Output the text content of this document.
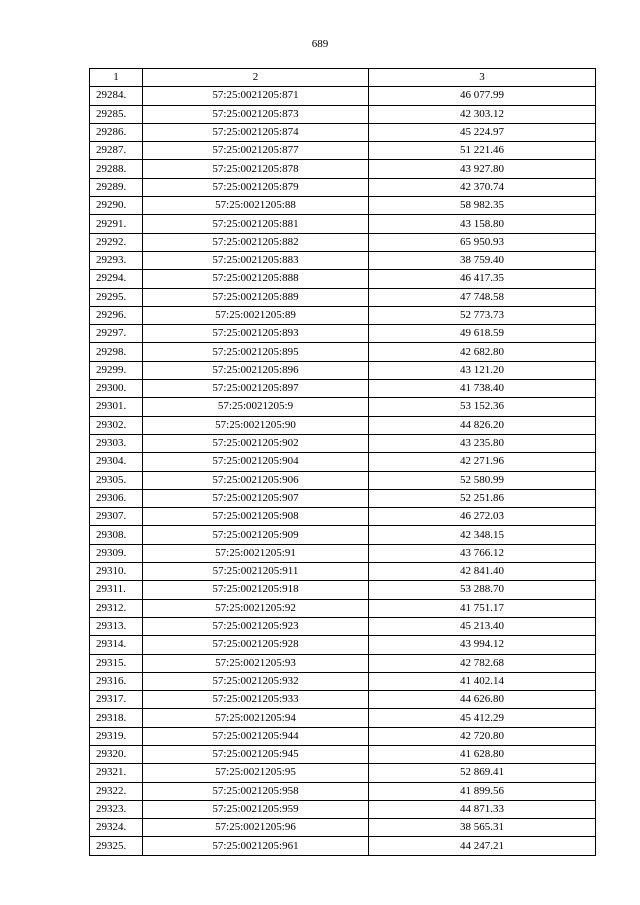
689
1	2	3
29284.	57:25:0021205:871	46 077.99
29285.	57:25:0021205:873	42 303.12
29286.	57:25:0021205:874	45 224.97
29287.	57:25:0021205:877	51 221.46
29288.	57:25:0021205:878	43 927.80
29289.	57:25:0021205:879	42 370.74
29290.	57:25:0021205:88	58 982.35
29291.	57:25:0021205:881	43 158.80
29292.	57:25:0021205:882	65 950.93
29293.	57:25:0021205:883	38 759.40
29294.	57:25:0021205:888	46 417.35
29295.	57:25:0021205:889	47 748.58
29296.	57:25:0021205:89	52 773.73
29297.	57:25:0021205:893	49 618.59
29298.	57:25:0021205:895	42 682.80
29299.	57:25:0021205:896	43 121.20
29300.	57:25:0021205:897	41 738.40
29301.	57:25:0021205:9	53 152.36
29302.	57:25:0021205:90	44 826.20
29303.	57:25:0021205:902	43 235.80
29304.	57:25:0021205:904	42 271.96
29305.	57:25:0021205:906	52 580.99
29306.	57:25:0021205:907	52 251.86
29307.	57:25:0021205:908	46 272.03
29308.	57:25:0021205:909	42 348.15
29309.	57:25:0021205:91	43 766.12
29310.	57:25:0021205:911	42 841.40
29311.	57:25:0021205:918	53 288.70
29312.	57:25:0021205:92	41 751.17
29313.	57:25:0021205:923	45 213.40
29314.	57:25:0021205:928	43 994.12
29315.	57:25:0021205:93	42 782.68
29316.	57:25:0021205:932	41 402.14
29317.	57:25:0021205:933	44 626.80
29318.	57:25:0021205:94	45 412.29
29319.	57:25:0021205:944	42 720.80
29320.	57:25:0021205:945	41 628.80
29321.	57:25:0021205:95	52 869.41
29322.	57:25:0021205:958	41 899.56
29323.	57:25:0021205:959	44 871.33
29324.	57:25:0021205:96	38 565.31
29325.	57:25:0021205:961	44 247.21
